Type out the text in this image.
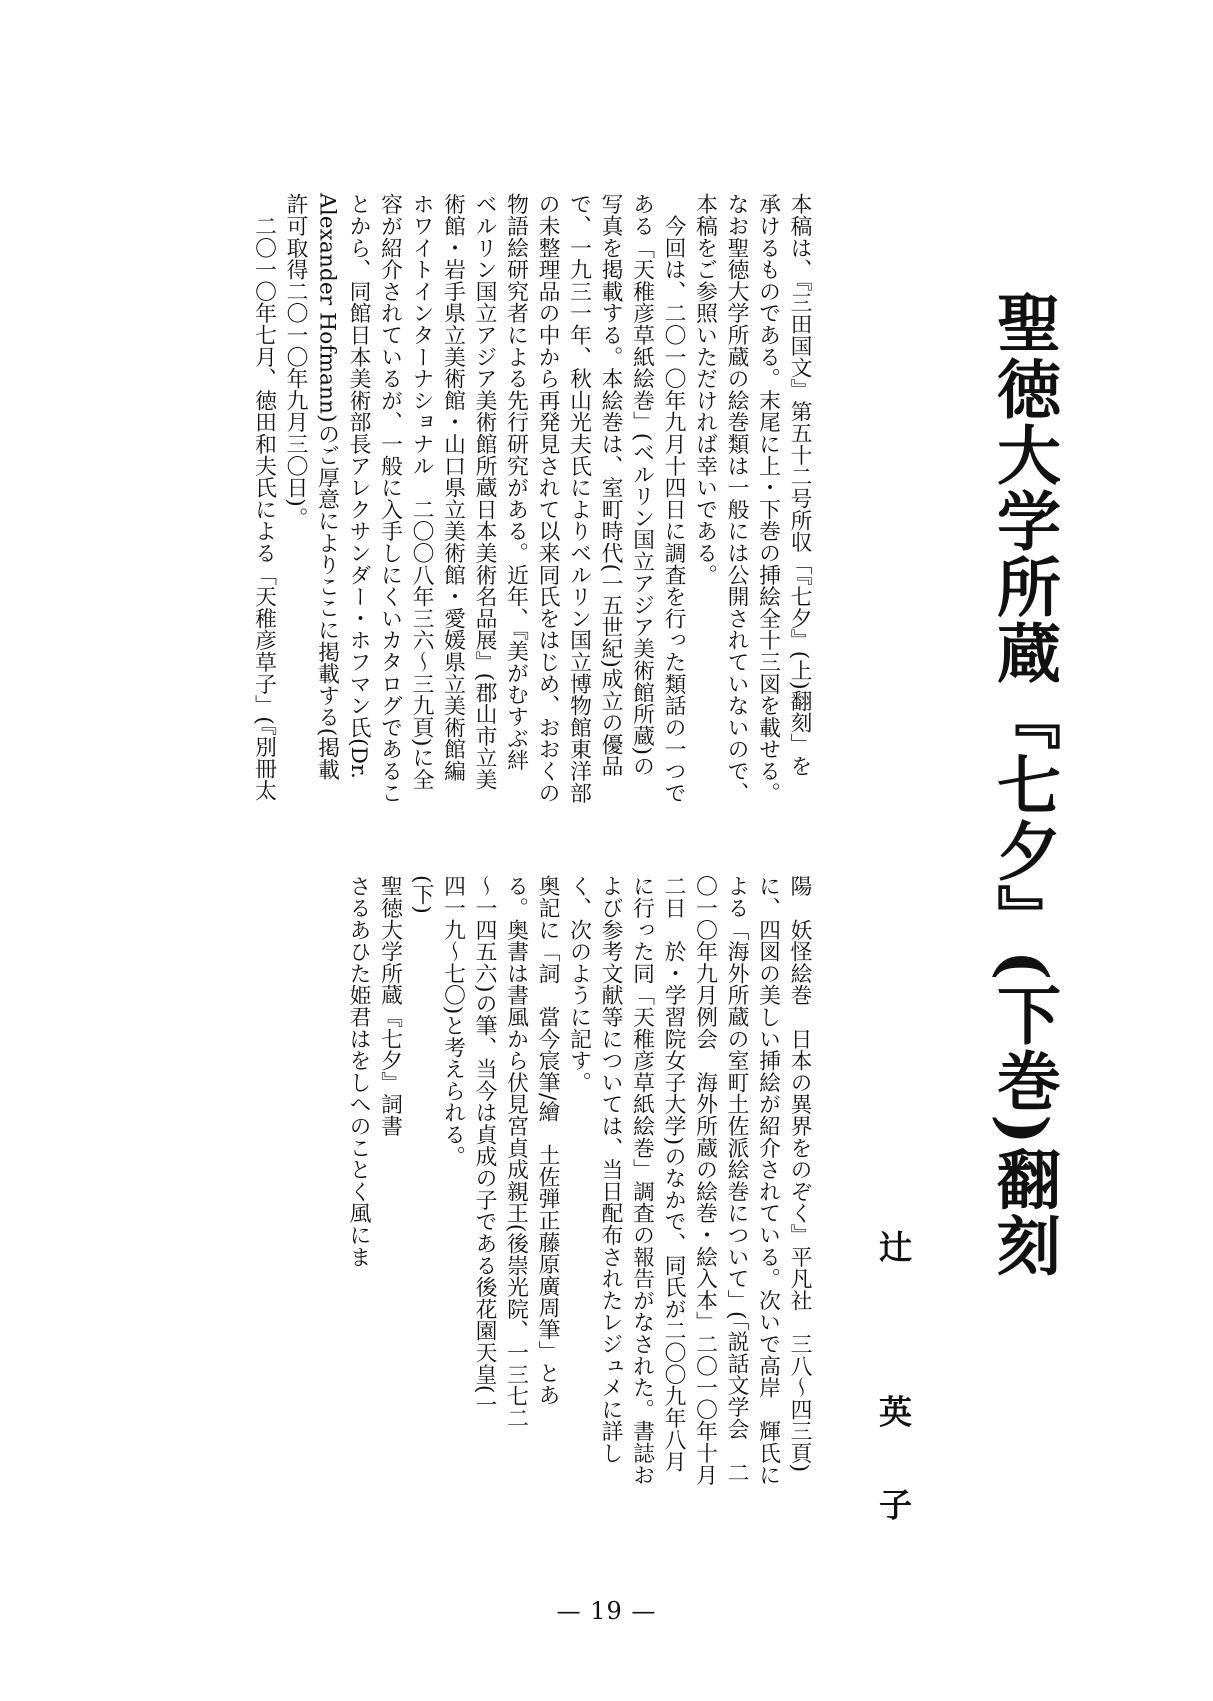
聖徳大学所蔵『七夕』(下巻)翻刻
辻 英子
本稿は、『三田国文』第五十二号所収「『七夕』(上)翻刻」を
承けるものである。末尾に上・下巻の挿絵全十三図を載せる。
なお聖徳大学所蔵の絵巻類は一般には公開されていないので、
本稿をご参照いただければ幸いである。
　今回は、二〇一〇年九月十四日に調査を行った類話の一つで
ある「天稚彦草紙絵巻」(ベルリン国立アジア美術館所蔵)の
写真を掲載する。本絵巻は、室町時代(一五世紀)成立の優品
で、一九三一年、秋山光夫氏によりベルリン国立博物館東洋部
の未整理品の中から再発見されて以来同氏をはじめ、おおくの
物語絵研究者による先行研究がある。近年、『美がむすぶ絆
ベルリン国立アジア美術館所蔵日本美術名品展』(郡山市立美
術館・岩手県立美術館・山口県立美術館・愛媛県立美術館編
ホワイトインターナショナル　二〇〇八年三六〜三九頁)に全
容が紹介されているが、一般に入手しにくいカタログであるこ
とから、同館日本美術部長アレクサンダー・ホフマン氏(Dr.
Alexander Hofmann)のご厚意によりここに掲載する(掲載
許可取得二〇一〇年九月三〇日)。
　二〇一〇年七月、徳田和夫氏による「天稚彦草子」(『別冊太
陽　妖怪絵巻　日本の異界をのぞく』平凡社　三八〜四三頁)
に、四図の美しい挿絵が紹介されている。次いで高岸　輝氏に
よる「海外所蔵の室町土佐派絵巻について」(「説話文学会　二
〇一〇年九月例会　海外所蔵の絵巻・絵入本」二〇一〇年十月
二日　於・学習院女子大学)のなかで、同氏が二〇〇九年八月
に行った同「天稚彦草紙絵巻」調査の報告がなされた。書誌お
よび参考文献等については、当日配布されたレジュメに詳し
く、次のように記す。
奥記に「詞　當今宸筆/繪　土佐弾正藤原廣周筆」とあ
る。奥書は書風から伏見宮貞成親王(後崇光院、一三七二
〜一四五六)の筆、当今は貞成の子である後花園天皇(一
四一九〜七〇)と考えられる。
(下)
聖徳大学所蔵『七夕』詞書
さるあひた姫君はをしへのことく風にま

— 19 —
